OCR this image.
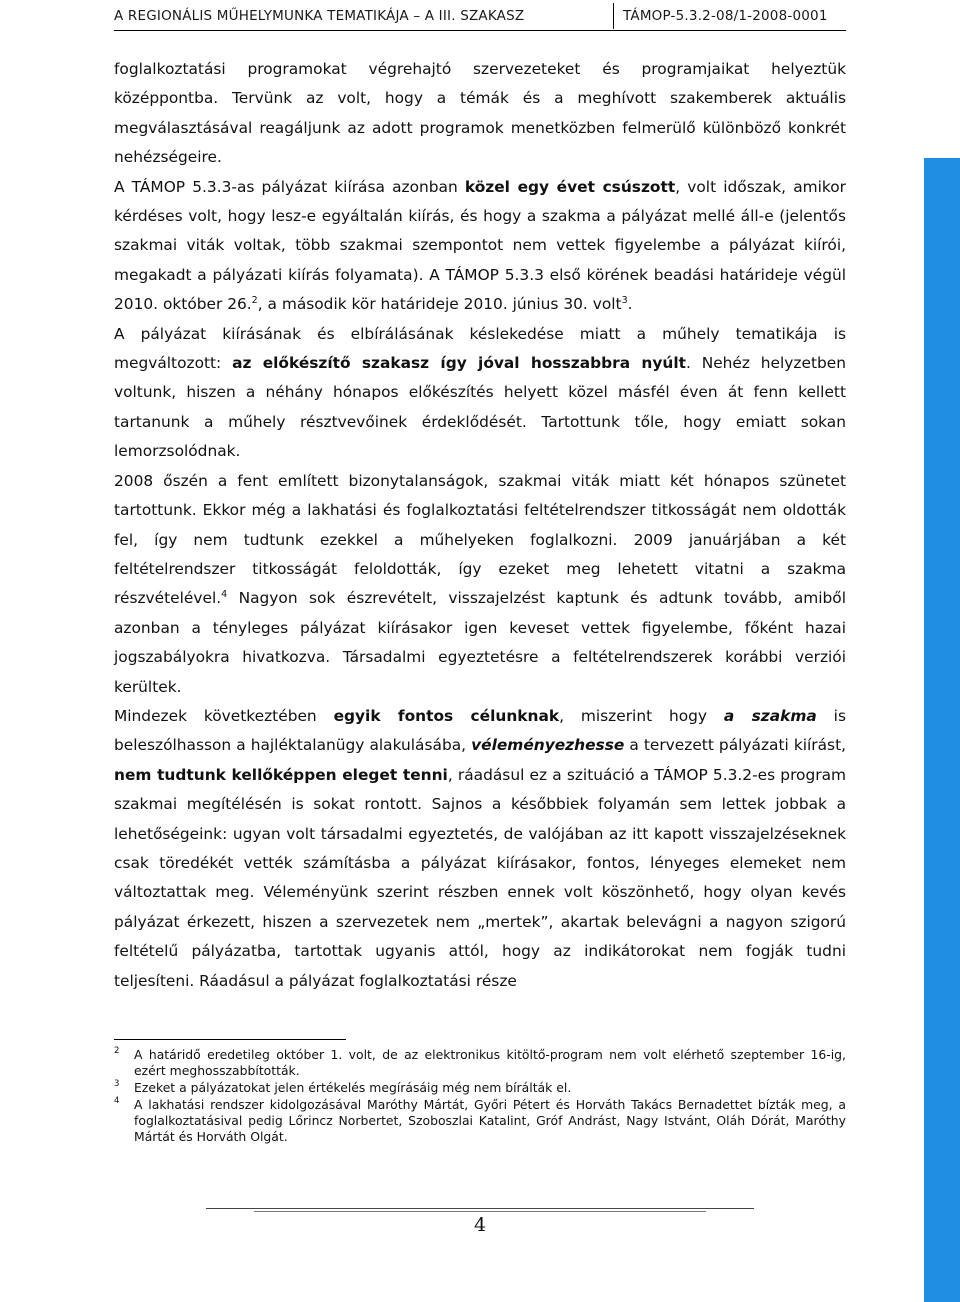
A REGIONÁLIS MŰHELYMUNKA TEMATIKÁJA – A III. SZAKASZ	TÁMOP-5.3.2-08/1-2008-0001

foglalkoztatási programokat végrehajtó szervezeteket és programjaikat helyeztük középpontba. Tervünk az volt, hogy a témák és a meghívott szakemberek aktuális megválasztásával reagáljunk az adott programok menetközben felmerülő különböző konkrét nehézségeire.

A TÁMOP 5.3.3-as pályázat kiírása azonban közel egy évet csúszott, volt időszak, amikor kérdéses volt, hogy lesz-e egyáltalán kiírás, és hogy a szakma a pályázat mellé áll-e (jelentős szakmai viták voltak, több szakmai szempontot nem vettek figyelembe a pályázat kiírói, megakadt a pályázati kiírás folyamata). A TÁMOP 5.3.3 első körének beadási határideje végül 2010. október 26.$^2$, a második kör határideje 2010. június 30. volt$^3$.

A pályázat kiírásának és elbírálásának késlekedése miatt a műhely tematikája is megváltozott: az előkészítő szakasz így jóval hosszabbra nyúlt. Nehéz helyzetben voltunk, hiszen a néhány hónapos előkészítés helyett közel másfél éven át fenn kellett tartanunk a műhely résztvevőinek érdeklődését. Tartottunk tőle, hogy emiatt sokan lemorzsolódnak.

2008 őszén a fent említett bizonytalanságok, szakmai viták miatt két hónapos szünetet tartottunk. Ekkor még a lakhatási és foglalkoztatási feltételrendszer titkosságát nem oldották fel, így nem tudtunk ezekkel a műhelyeken foglalkozni. 2009 januárjában a két feltételrendszer titkosságát feloldották, így ezeket meg lehetett vitatni a szakma részvételével.$^4$ Nagyon sok észrevételt, visszajelzést kaptunk és adtunk tovább, amiből azonban a tényleges pályázat kiírásakor igen keveset vettek figyelembe, főként hazai jogszabályokra hivatkozva. Társadalmi egyeztetésre a feltételrendszerek korábbi verziói kerültek.

Mindezek következtében egyik fontos célunknak, miszerint hogy a szakma is beleszólhasson a hajléktalanügy alakulásába, véleményezhesse a tervezett pályázati kiírást, nem tudtunk kellőképpen eleget tenni, ráadásul ez a szituáció a TÁMOP 5.3.2-es program szakmai megítélésén is sokat rontott. Sajnos a későbbiek folyamán sem lettek jobbak a lehetőségeink: ugyan volt társadalmi egyeztetés, de valójában az itt kapott visszajelzéseknek csak töredékét vették számításba a pályázat kiírásakor, fontos, lényeges elemeket nem változtattak meg. Véleményünk szerint részben ennek volt köszönhető, hogy olyan kevés pályázat érkezett, hiszen a szervezetek nem „mertek”, akartak belevágni a nagyon szigorú feltételű pályázatba, tartottak ugyanis attól, hogy az indikátorokat nem fogják tudni teljesíteni. Ráadásul a pályázat foglalkoztatási része

2 A határidő eredetileg október 1. volt, de az elektronikus kitöltő-program nem volt elérhető szeptember 16-ig, ezért meghosszabbították.
3 Ezeket a pályázatokat jelen értékelés megírásáig még nem bírálták el.
4 A lakhatási rendszer kidolgozásával Maróthy Mártát, Győri Pétert és Horváth Takács Bernadettet bízták meg, a foglalkoztatásival pedig Lőrincz Norbertet, Szoboszlai Katalint, Gróf Andrást, Nagy Istvánt, Oláh Dórát, Maróthy Mártát és Horváth Olgát.
4
